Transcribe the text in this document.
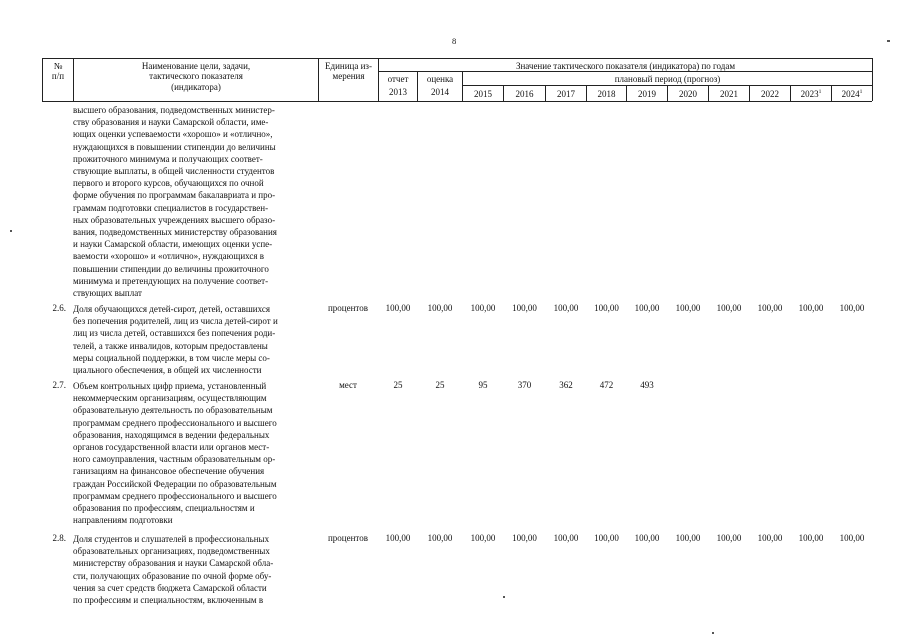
8
№
п/п
Наименование цели, задачи,
тактического показателя
(индикатора)
Единица из-
мерения
Значение тактического показателя (индикатора) по годам
отчет	оценка	плановый период (прогноз)
2013	2014	2015	2016	2017	2018	2019	2020	2021	2022	2023$^1$	2024$^1$
высшего образования, подведомственных министер-
ству образования и науки Самарской области, име-
ющих оценки успеваемости «хорошо» и «отлично»,
нуждающихся в повышении стипендии до величины
прожиточного минимума и получающих соответ-
ствующие выплаты, в общей численности студентов
первого и второго курсов, обучающихся по очной
форме обучения по программам бакалавриата и про-
граммам подготовки специалистов в государствен-
ных образовательных учреждениях высшего образо-
вания, подведомственных министерству образования
и науки Самарской области, имеющих оценки успе-
ваемости «хорошо» и «отлично», нуждающихся в
повышении стипендии до величины прожиточного
минимума и претендующих на получение соответ-
ствующих выплат
2.6. Доля обучающихся детей-сирот, детей, оставшихся
без попечения родителей, лиц из числа детей-сирот и
лиц из числа детей, оставшихся без попечения роди-
телей, а также инвалидов, которым предоставлены
меры социальной поддержки, в том числе меры со-
циального обеспечения, в общей их численности
процентов	100,00	100,00	100,00	100,00	100,00	100,00	100,00	100,00	100,00	100,00	100,00	100,00
2.7. Объем контрольных цифр приема, установленный
некоммерческим организациям, осуществляющим
образовательную деятельность по образовательным
программам среднего профессионального и высшего
образования, находящимся в ведении федеральных
органов государственной власти или органов мест-
ного самоуправления, частным образовательным ор-
ганизациям на финансовое обеспечение обучения
граждан Российской Федерации по образовательным
программам среднего профессионального и высшего
образования по профессиям, специальностям и
направлениям подготовки
мест	25	25	95	370	362	472	493
2.8. Доля студентов и слушателей в профессиональных
образовательных организациях, подведомственных
министерству образования и науки Самарской обла-
сти, получающих образование по очной форме обу-
чения за счет средств бюджета Самарской области
по профессиям и специальностям, включенным в
процентов	100,00	100,00	100,00	100,00	100,00	100,00	100,00	100,00	100,00	100,00	100,00	100,00
